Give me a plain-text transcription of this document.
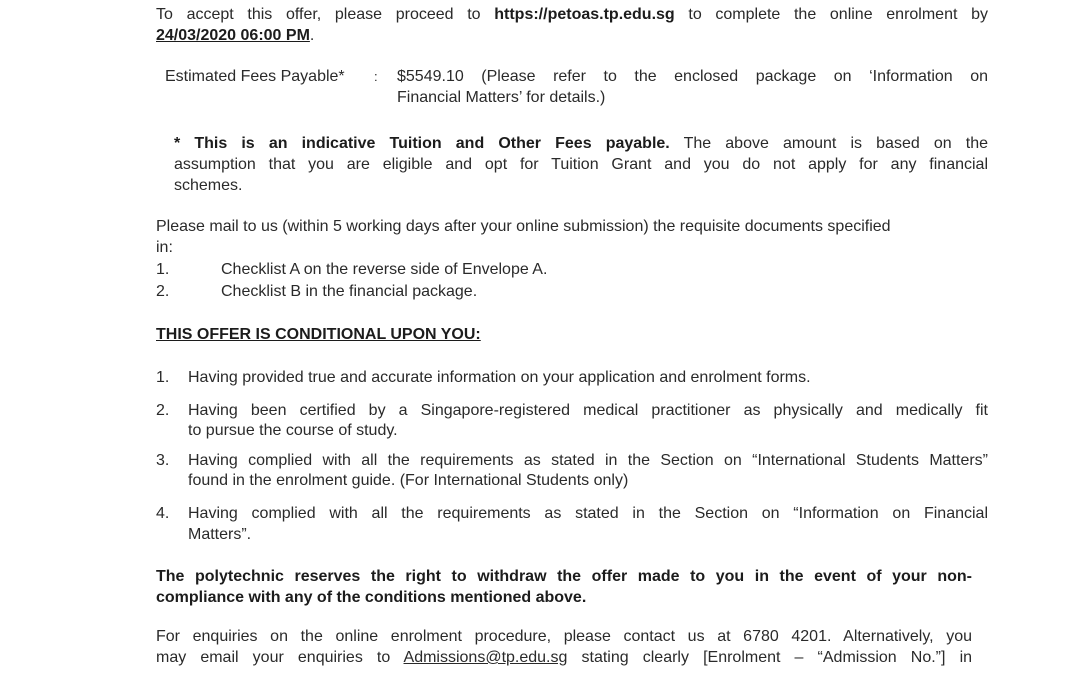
To accept this offer, please proceed to https://petoas.tp.edu.sg to complete the online enrolment by
24/03/2020 06:00 PM.
Estimated Fees Payable* : $5549.10 (Please refer to the enclosed package on ‘Information on
Financial Matters’ for details.)
* This is an indicative Tuition and Other Fees payable. The above amount is based on the
assumption that you are eligible and opt for Tuition Grant and you do not apply for any financial
schemes.
Please mail to us (within 5 working days after your online submission) the requisite documents specified
in:
1.	Checklist A on the reverse side of Envelope A.
2.	Checklist B in the financial package.
THIS OFFER IS CONDITIONAL UPON YOU:
1. Having provided true and accurate information on your application and enrolment forms.
2. Having been certified by a Singapore-registered medical practitioner as physically and medically fit
to pursue the course of study.
3. Having complied with all the requirements as stated in the Section on “International Students Matters”
found in the enrolment guide. (For International Students only)
4. Having complied with all the requirements as stated in the Section on “Information on Financial
Matters”.
The polytechnic reserves the right to withdraw the offer made to you in the event of your non-
compliance with any of the conditions mentioned above.
For enquiries on the online enrolment procedure, please contact us at 6780 4201. Alternatively, you
may email your enquiries to Admissions@tp.edu.sg stating clearly [Enrolment – “Admission No.”] in
